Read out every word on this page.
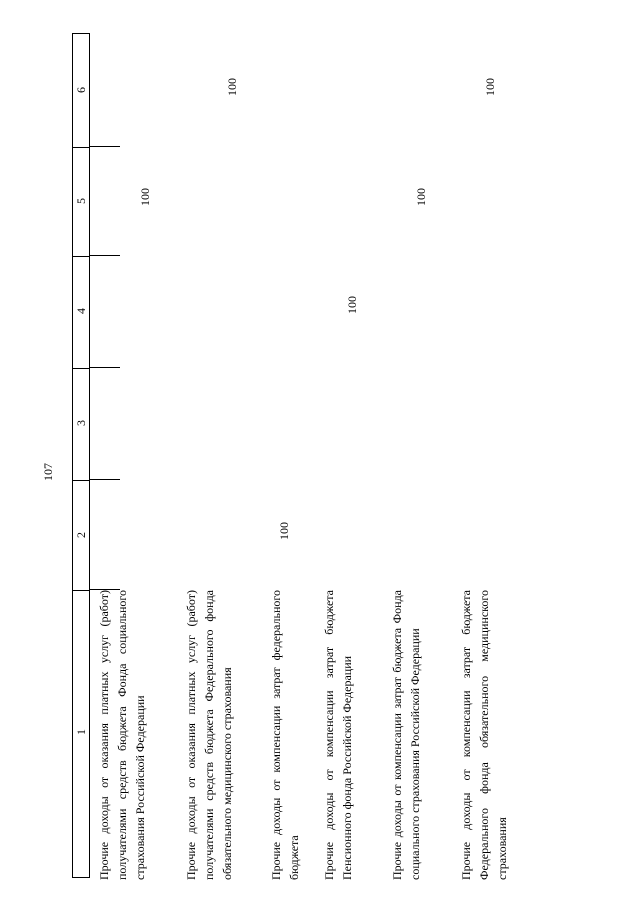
107
6
5
4
3
2
1 Прочие доходы от оказания платных услуг (работ) получателями средств бюджета Фонда социального страхования Российской Федерации
100
Прочие доходы от оказания платных услуг (работ) получателями средств бюджета Федерального фонда обязательного медицинского страхования
100
Прочие доходы от компенсации затрат федерального бюджета
100
Прочие доходы от компенсации затрат бюджета Пенсионного фонда Российской Федерации
100
Прочие доходы от компенсации затрат бюджета Фонда социального страхования Российской Федерации
100
Прочие доходы от компенсации затрат бюджета Федерального фонда обязательного медицинского страхования
100
